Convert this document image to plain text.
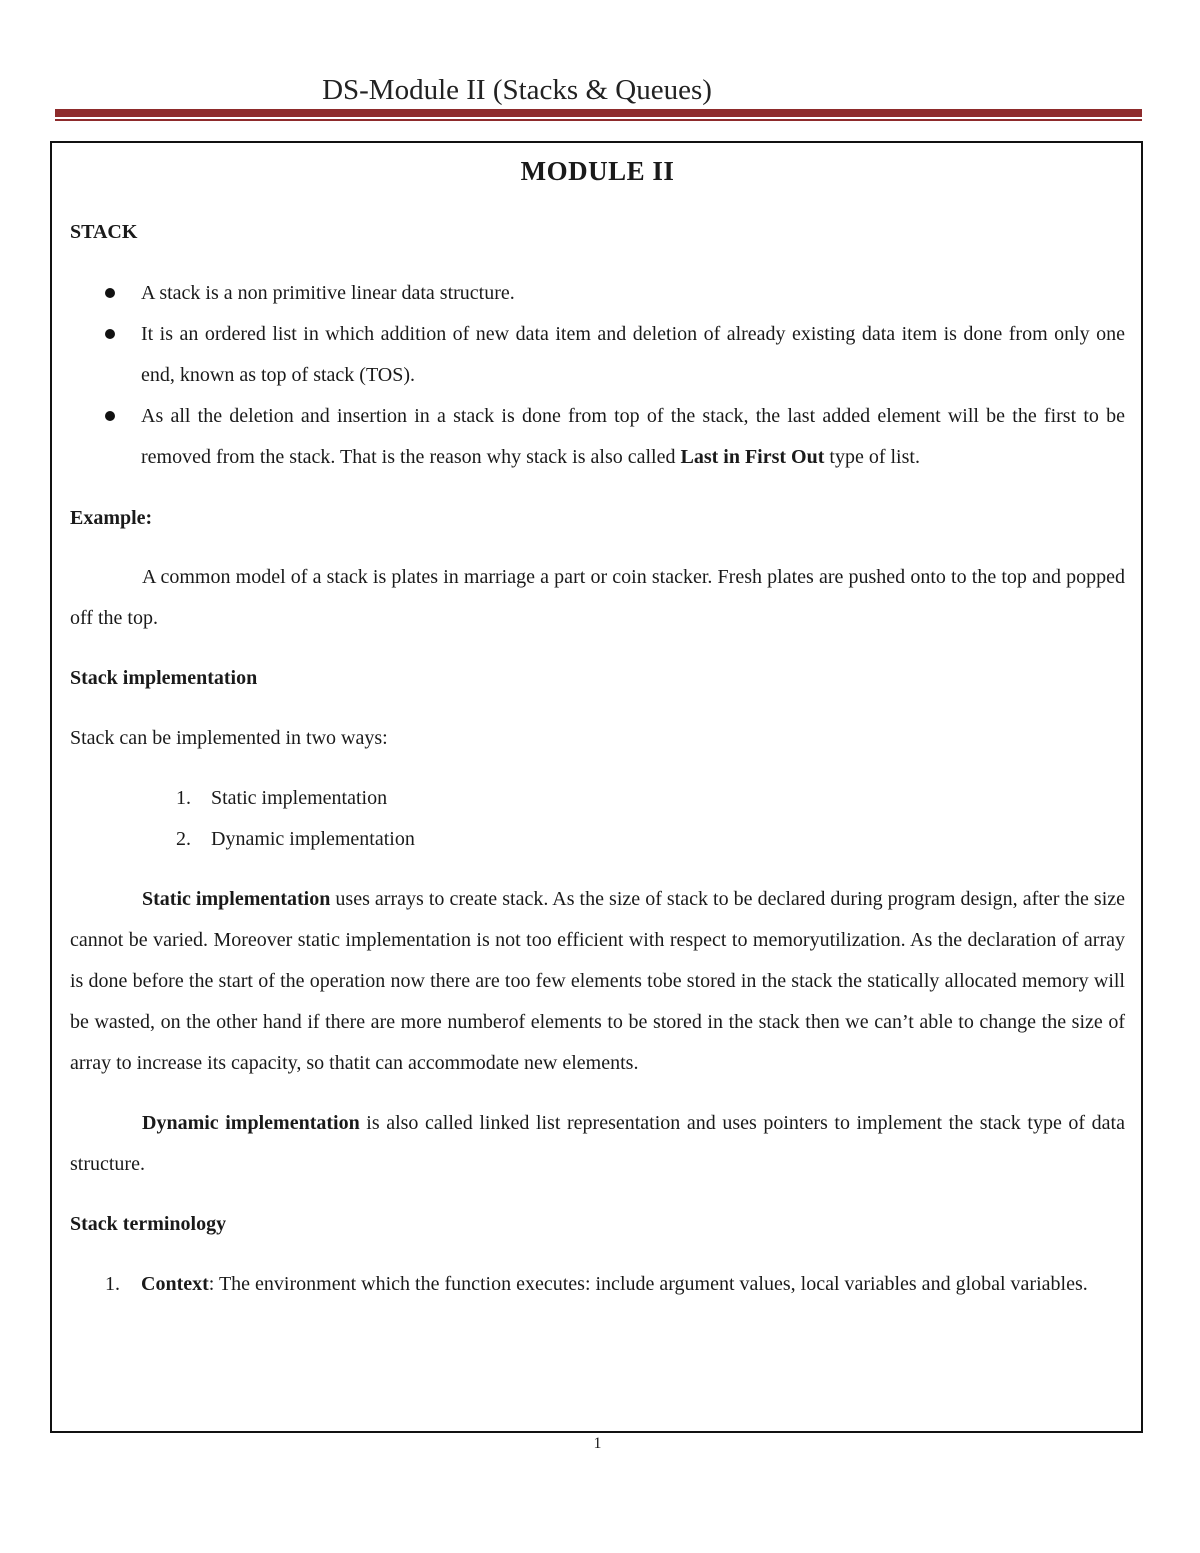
DS-Module II (Stacks & Queues)
MODULE II

STACK

A stack is a non primitive linear data structure.
It is an ordered list in which addition of new data item and deletion of already existing data item is done from only one end, known as top of stack (TOS).
As all the deletion and insertion in a stack is done from top of the stack, the last added element will be the first to be removed from the stack. That is the reason why stack is also called Last in First Out type of list.

Example:

A common model of a stack is plates in marriage a part or coin stacker. Fresh plates are pushed onto to the top and popped off the top.

Stack implementation

Stack can be implemented in two ways:

1. Static implementation
2. Dynamic implementation

Static implementation uses arrays to create stack. As the size of stack to be declared during program design, after the size cannot be varied. Moreover static implementation is not too efficient with respect to memoryutilization. As the declaration of array is done before the start of the operation now there are too few elements tobe stored in the stack the statically allocated memory will be wasted, on the other hand if there are more numberof elements to be stored in the stack then we can’t able to change the size of array to increase its capacity, so thatit can accommodate new elements.

Dynamic implementation is also called linked list representation and uses pointers to implement the stack type of data structure.

Stack terminology

1. Context: The environment which the function executes: include argument values, local variables and global variables.
1
